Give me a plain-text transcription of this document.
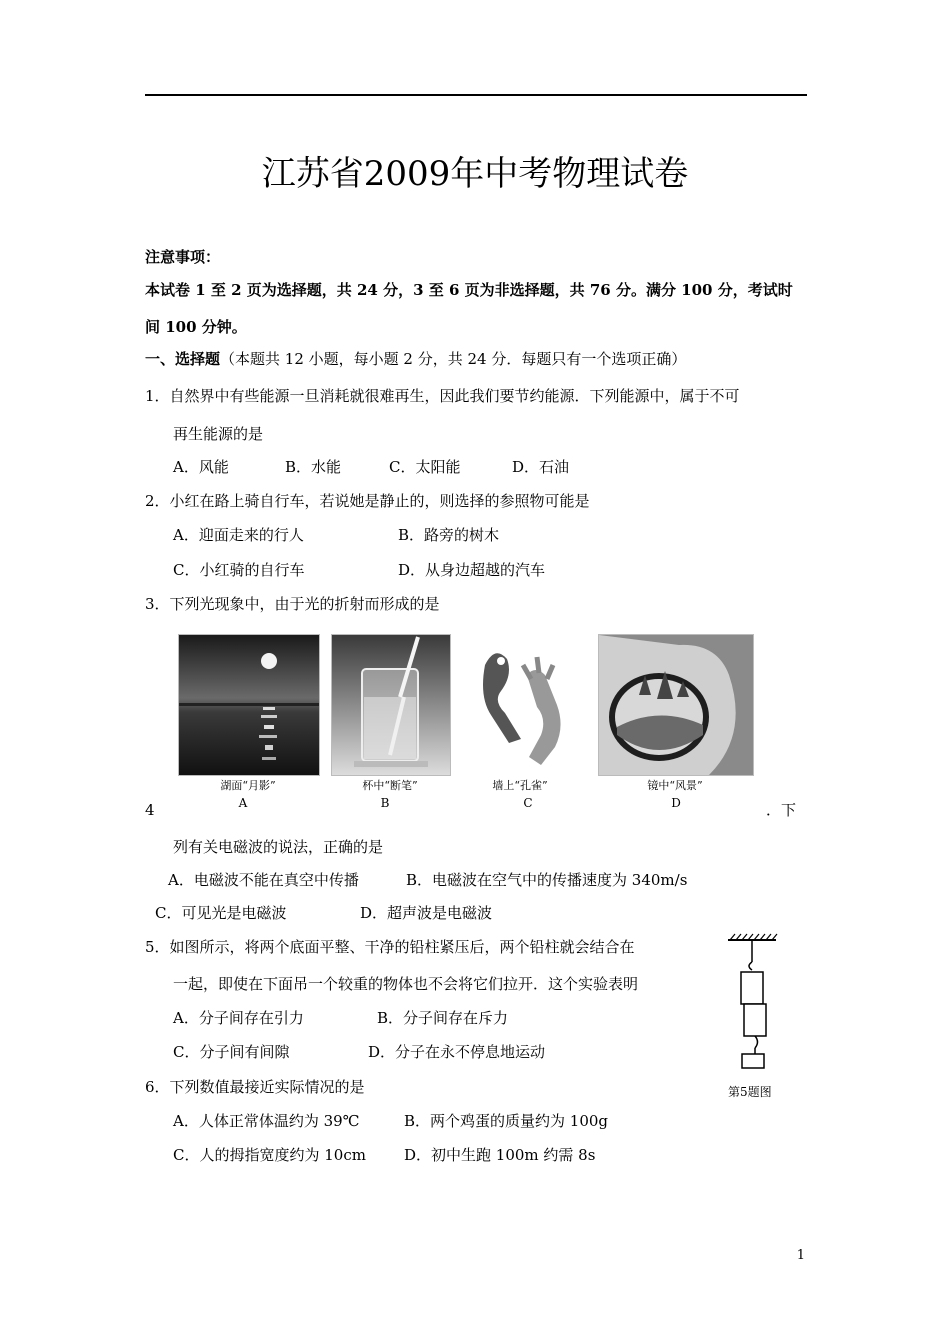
江苏省2009年中考物理试卷
注意事项：
本试卷 1 至 2 页为选择题，共 24 分，3 至 6 页为非选择题，共 76 分。满分 100 分，考试时
间 100 分钟。
一、选择题（本题共 12 小题，每小题 2 分，共 24 分．每题只有一个选项正确）
1．自然界中有些能源一旦消耗就很难再生，因此我们要节约能源．下列能源中，属于不可
再生能源的是
A．风能	B．水能	C．太阳能	D．石油
2．小红在路上骑自行车，若说她是静止的，则选择的参照物可能是
A．迎面走来的行人	B．路旁的树木
C．小红骑的自行车	D．从身边超越的汽车
3．下列光现象中，由于光的折射而形成的是
湖面“月影”	杯中“断笔”	墙上“孔雀”	镜中“风景”
A	B	C	D
4	．下
列有关电磁波的说法，正确的是
A．电磁波不能在真空中传播	B．电磁波在空气中的传播速度为 340m/s
C．可见光是电磁波	D．超声波是电磁波
5．如图所示，将两个底面平整、干净的铅柱紧压后，两个铅柱就会结合在
一起，即使在下面吊一个较重的物体也不会将它们拉开．这个实验表明
A．分子间存在引力	B．分子间存在斥力
C．分子间有间隙	D．分子在永不停息地运动
第5题图
6．下列数值最接近实际情况的是
A．人体正常体温约为 39℃	B．两个鸡蛋的质量约为 100g
C．人的拇指宽度约为 10cm	D．初中生跑 100m 约需 8s
1
